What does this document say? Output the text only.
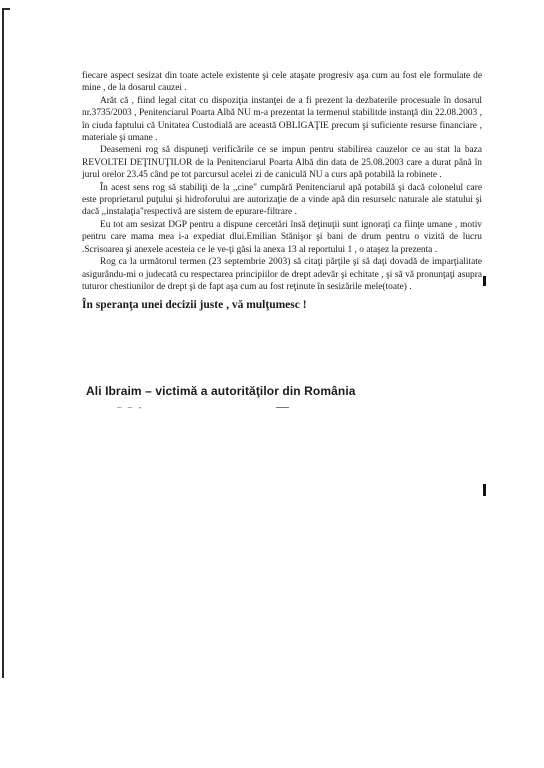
fiecare aspect sesizat din toate actele existente şi cele ataşate progresiv aşa cum au fost ele formulate de mine , de la dosarul cauzei .

Arăt că , fiind legal citat cu dispoziţia instanţei de a fi prezent la dezbaterile procesuale în dosarul nr.3735/2003 , Penitenciarul Poarta Albă NU m-a prezentat la termenul stabilitde instanţă din 22.08.2003 , în ciuda faptului că Unitatea Custodială are această OBLIGAŢIE precum şi suficiente resurse financiare , materiale şi umane .

Deasemeni rog să dispuneţi verificările ce se impun pentru stabilirea cauzelor ce au stat la baza REVOLTEI DEŢINUŢILOR de la Penitenciarul Poarta Albă din data de 25.08.2003 care a durat până în jurul orelor 23.45 când pe tot parcursul acelei zi de caniculă NU a curs apă potabilă la robinete .

În acest sens rog să stabiliţi de la ,,cine" cumpără Penitenciarul apă potabilă şi dacă colonelul care este proprietarul puţului şi hidroforului are autorizaţie de a vinde apă din resurselc naturale ale statului şi dacă ,,instalaţia"respectivă are sistem de epurare-filtrare .

Eu tot am sesizat DGP pentru a dispune cercetări însă deţinuţii sunt ignoraţi ca fiinţe umane , motiv pentru care mama mea i-a expediat dlui.Emilian Stănişor şi bani de drum pentru o vizită de lucru .Scrisoarea şi anexele acesteia ce le ve-ţi găsi la anexa 13 al reportului 1 , o ataşez la prezenta .

Rog ca la următorul termen (23 septembrie 2003) să citaţi părţile şi să daţi dovadă de imparţialitate asigurându-mi o judecată cu respectarea principiilor de drept adevăr şi echitate , şi să vă pronunţaţi asupra tuturor chestiunilor de drept şi de fapt aşa cum au fost reţinute în sesizările mele(toate) .

În speranţa unei decizii juste , vă mulţumesc !

Ali Ibraim – victimă a autorităţilor din România
– – -
